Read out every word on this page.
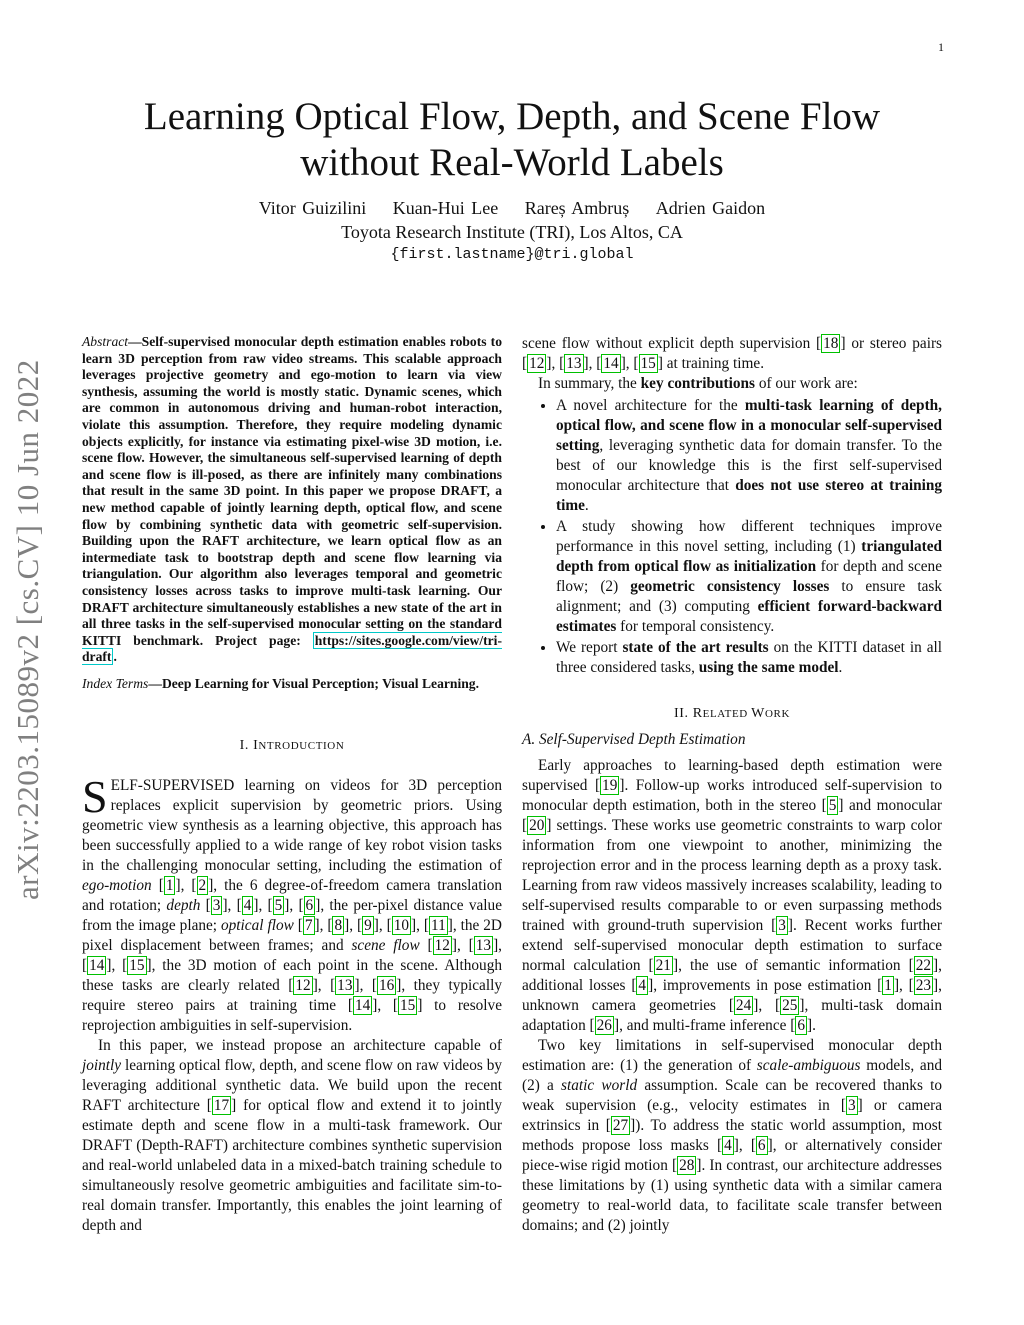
1
arXiv:2203.15089v2 [cs.CV] 10 Jun 2022
Learning Optical Flow, Depth, and Scene Flow without Real-World Labels
Vitor Guizilini Kuan-Hui Lee Rareș Ambruș Adrien Gaidon
Toyota Research Institute (TRI), Los Altos, CA
{first.lastname}@tri.global

Abstract—Self-supervised monocular depth estimation enables robots to learn 3D perception from raw video streams. This scalable approach leverages projective geometry and ego-motion to learn via view synthesis, assuming the world is mostly static. Dynamic scenes, which are common in autonomous driving and human-robot interaction, violate this assumption. Therefore, they require modeling dynamic objects explicitly, for instance via estimating pixel-wise 3D motion, i.e. scene flow. However, the simultaneous self-supervised learning of depth and scene flow is ill-posed, as there are infinitely many combinations that result in the same 3D point. In this paper we propose DRAFT, a new method capable of jointly learning depth, optical flow, and scene flow by combining synthetic data with geometric self-supervision. Building upon the RAFT architecture, we learn optical flow as an intermediate task to bootstrap depth and scene flow learning via triangulation. Our algorithm also leverages temporal and geometric consistency losses across tasks to improve multi-task learning. Our DRAFT architecture simultaneously establishes a new state of the art in all three tasks in the self-supervised monocular setting on the standard KITTI benchmark. Project page: https://sites.google.com/view/tri-draft .

Index Terms—Deep Learning for Visual Perception; Visual Learning.

I. INTRODUCTION

SELF-SUPERVISED learning on videos for 3D perception replaces explicit supervision by geometric priors. Using geometric view synthesis as a learning objective, this approach has been successfully applied to a wide range of key robot vision tasks in the challenging monocular setting, including the estimation of ego-motion [ 1 ], [ 2 ], the 6 degree-of-freedom camera translation and rotation; depth [ 3 ], [ 4 ], [ 5 ], [ 6 ], the per-pixel distance value from the image plane; optical flow [ 7 ], [ 8 ], [ 9 ], [ 10 ], [ 11 ], the 2D pixel displacement between frames; and scene flow [ 12 ], [ 13 ], [ 14 ], [ 15 ], the 3D motion of each point in the scene. Although these tasks are clearly related [ 12 ], [ 13 ], [ 16 ], they typically require stereo pairs at training time [ 14 ], [ 15 ] to resolve reprojection ambiguities in self-supervision.

In this paper, we instead propose an architecture capable of jointly learning optical flow, depth, and scene flow on raw videos by leveraging additional synthetic data. We build upon the recent RAFT architecture [ 17 ] for optical flow and extend it to jointly estimate depth and scene flow in a multi-task framework. Our DRAFT (Depth-RAFT) architecture combines synthetic supervision and real-world unlabeled data in a mixed-batch training schedule to simultaneously resolve geometric ambiguities and facilitate sim-to-real domain transfer. Importantly, this enables the joint learning of depth and

scene flow without explicit depth supervision [ 18 ] or stereo pairs [ 12 ], [ 13 ], [ 14 ], [ 15 ] at training time.

In summary, the key contributions of our work are:

• A novel architecture for the multi-task learning of depth, optical flow, and scene flow in a monocular self-supervised setting, leveraging synthetic data for domain transfer. To the best of our knowledge this is the first self-supervised monocular architecture that does not use stereo at training time.
• A study showing how different techniques improve performance in this novel setting, including (1) triangulated depth from optical flow as initialization for depth and scene flow; (2) geometric consistency losses to ensure task alignment; and (3) computing efficient forward-backward estimates for temporal consistency.
• We report state of the art results on the KITTI dataset in all three considered tasks, using the same model.

II. RELATED WORK

A. Self-Supervised Depth Estimation

Early approaches to learning-based depth estimation were supervised [ 19 ]. Follow-up works introduced self-supervision to monocular depth estimation, both in the stereo [ 5 ] and monocular [ 20 ] settings. These works use geometric constraints to warp color information from one viewpoint to another, minimizing the reprojection error and in the process learning depth as a proxy task. Learning from raw videos massively increases scalability, leading to self-supervised results comparable to or even surpassing methods trained with ground-truth supervision [ 3 ]. Recent works further extend self-supervised monocular depth estimation to surface normal calculation [ 21 ], the use of semantic information [ 22 ], additional losses [ 4 ], improvements in pose estimation [ 1 ], [ 23 ], unknown camera geometries [ 24 ], [ 25 ], multi-task domain adaptation [ 26 ], and multi-frame inference [ 6 ].

Two key limitations in self-supervised monocular depth estimation are: (1) the generation of scale-ambiguous models, and (2) a static world assumption. Scale can be recovered thanks to weak supervision (e.g., velocity estimates in [ 3 ] or camera extrinsics in [ 27 ]). To address the static world assumption, most methods propose loss masks [ 4 ], [ 6 ], or alternatively consider piece-wise rigid motion [ 28 ]. In contrast, our architecture addresses these limitations by (1) using synthetic data with a similar camera geometry to real-world data, to facilitate scale transfer between domains; and (2) jointly
